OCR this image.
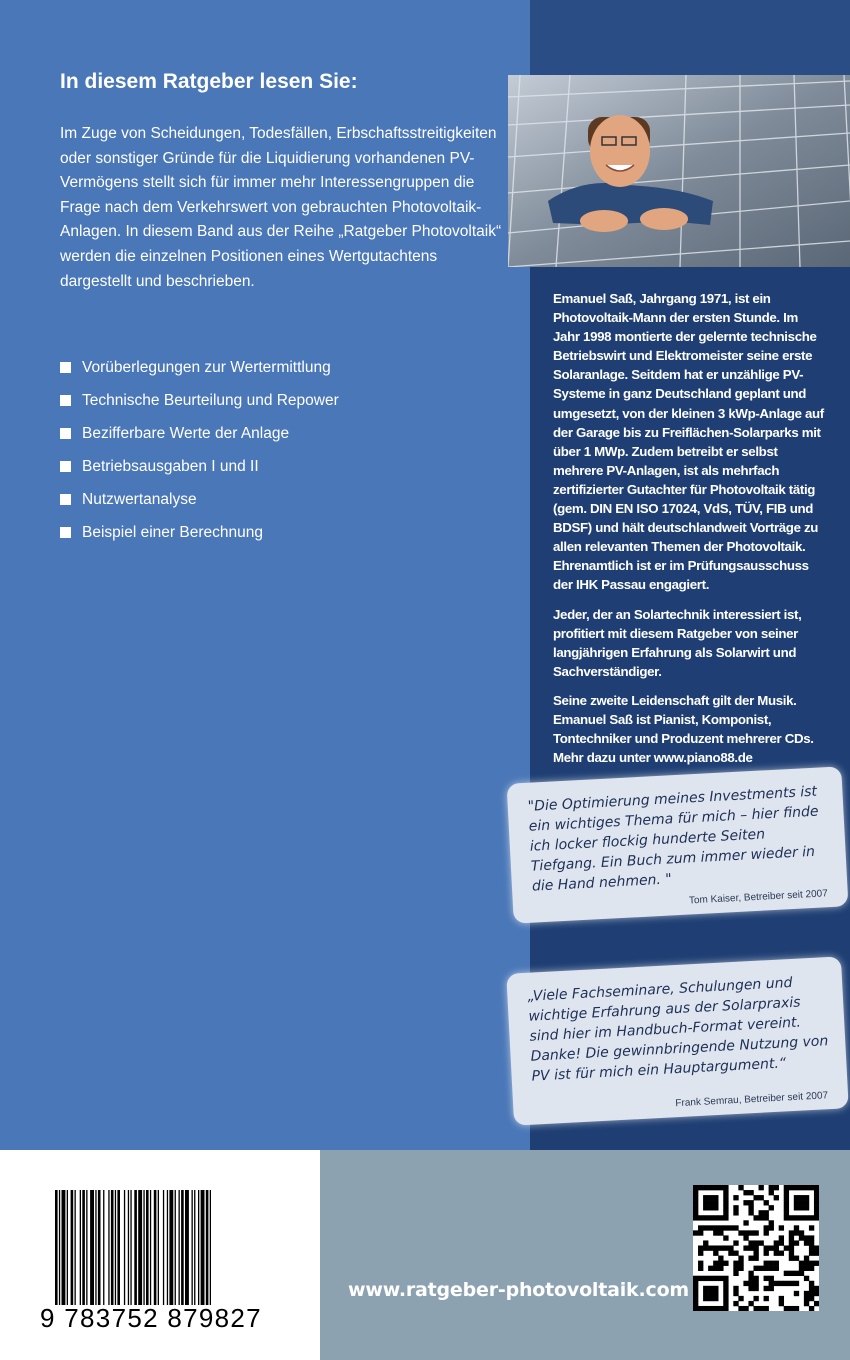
In diesem Ratgeber lesen Sie:

Im Zuge von Scheidungen, Todesfällen, Erbschaftsstreitigkeiten oder sonstiger Gründe für die Liquidierung vorhandenen PV-Vermögens stellt sich für immer mehr Interessengruppen die Frage nach dem Verkehrswert von gebrauchten Photovoltaik-Anlagen. In diesem Band aus der Reihe „Ratgeber Photovoltaik“ werden die einzelnen Positionen eines Wertgutachtens dargestellt und beschrieben.

Vorüberlegungen zur Wertermittlung
Technische Beurteilung und Repower
Bezifferbare Werte der Anlage
Betriebsausgaben I und II
Nutzwertanalyse
Beispiel einer Berechnung

Emanuel Saß, Jahrgang 1971, ist ein Photovoltaik-Mann der ersten Stunde. Im Jahr 1998 montierte der gelernte technische Betriebswirt und Elektromeister seine erste Solaranlage. Seitdem hat er unzählige PV-Systeme in ganz Deutschland geplant und umgesetzt, von der kleinen 3 kWp-Anlage auf der Garage bis zu Freiflächen-Solarparks mit über 1 MWp. Zudem betreibt er selbst mehrere PV-Anlagen, ist als mehrfach zertifizierter Gutachter für Photovoltaik tätig (gem. DIN EN ISO 17024, VdS, TÜV, FIB und BDSF) und hält deutschlandweit Vorträge zu allen relevanten Themen der Photovoltaik. Ehrenamtlich ist er im Prüfungsausschuss der IHK Passau engagiert.

Jeder, der an Solartechnik interessiert ist, profitiert mit diesem Ratgeber von seiner langjährigen Erfahrung als Solarwirt und Sachverständiger.

Seine zweite Leidenschaft gilt der Musik. Emanuel Saß ist Pianist, Komponist, Tontechniker und Produzent mehrerer CDs. Mehr dazu unter www.piano88.de

"Die Optimierung meines Investments ist ein wichtiges Thema für mich – hier finde ich locker flockig hunderte Seiten Tiefgang. Ein Buch zum immer wieder in die Hand nehmen. "
Tom Kaiser, Betreiber seit 2007
„Viele Fachseminare, Schulungen und wichtige Erfahrung aus der Solarpraxis sind hier im Handbuch-Format vereint. Danke! Die gewinnbringende Nutzung von PV ist für mich ein Hauptargument.“
Frank Semrau, Betreiber seit 2007

9 783752 879827

www.ratgeber-photovoltaik.com
